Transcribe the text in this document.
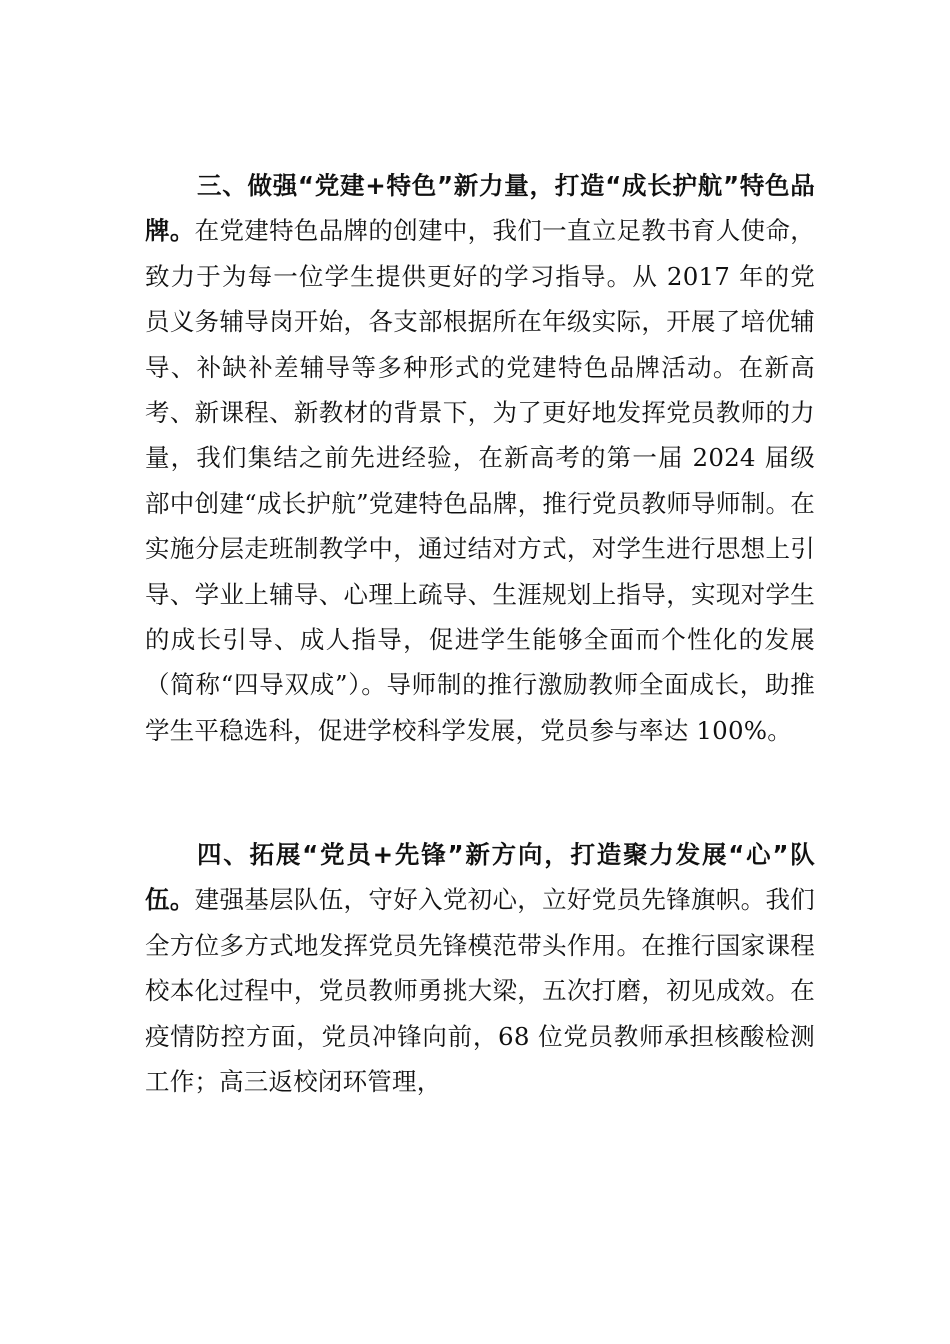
三、做强“党建+特色”新力量，打造“成长护航”特色品牌。在党建特色品牌的创建中，我们一直立足教书育人使命，致力于为每一位学生提供更好的学习指导。从 2017 年的党员义务辅导岗开始，各支部根据所在年级实际，开展了培优辅导、补缺补差辅导等多种形式的党建特色品牌活动。在新高考、新课程、新教材的背景下，为了更好地发挥党员教师的力量，我们集结之前先进经验，在新高考的第一届 2024 届级部中创建“成长护航”党建特色品牌，推行党员教师导师制。在实施分层走班制教学中，通过结对方式，对学生进行思想上引导、学业上辅导、心理上疏导、生涯规划上指导，实现对学生的成长引导、成人指导，促进学生能够全面而个性化的发展（简称“四导双成”）。导师制的推行激励教师全面成长，助推学生平稳选科，促进学校科学发展，党员参与率达 100%。

四、拓展“党员+先锋”新方向，打造聚力发展“心”队伍。建强基层队伍，守好入党初心，立好党员先锋旗帜。我们全方位多方式地发挥党员先锋模范带头作用。在推行国家课程校本化过程中，党员教师勇挑大梁，五次打磨，初见成效。在疫情防控方面，党员冲锋向前，68 位党员教师承担核酸检测工作；高三返校闭环管理，
